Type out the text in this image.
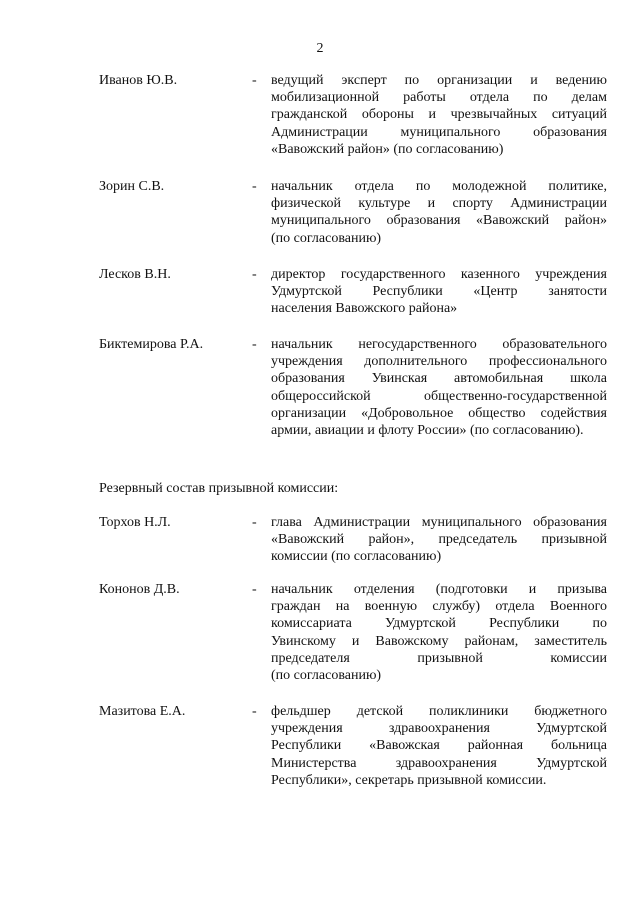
2
Иванов Ю.В.	- ведущий эксперт по организации и ведению
мобилизационной работы отдела по делам
гражданской обороны и чрезвычайных ситуаций
Администрации муниципального образования
«Вавожский район» (по согласованию)
Зорин С.В.	- начальник отдела по молодежной политике,
физической культуре и спорту Администрации
муниципального образования «Вавожский район»
(по согласованию)
Лесков В.Н.	- директор государственного казенного учреждения
Удмуртской Республики «Центр занятости
населения Вавожского района»
Биктемирова Р.А.	- начальник негосударственного образовательного
учреждения дополнительного профессионального
образования Увинская автомобильная школа
общероссийской общественно-государственной
организации «Добровольное общество содействия
армии, авиации и флоту России» (по согласованию).
Резервный состав призывной комиссии:
Торхов Н.Л.	- глава Администрации муниципального образования
«Вавожский район», председатель призывной
комиссии (по согласованию)
Кононов Д.В.	- начальник отделения (подготовки и призыва
граждан на военную службу) отдела Военного
комиссариата Удмуртской Республики по
Увинскому и Вавожскому районам, заместитель
председателя призывной комиссии
(по согласованию)
Мазитова Е.А.	- фельдшер детской поликлиники бюджетного
учреждения здравоохранения Удмуртской
Республики «Вавожская районная больница
Министерства здравоохранения Удмуртской
Республики», секретарь призывной комиссии.
